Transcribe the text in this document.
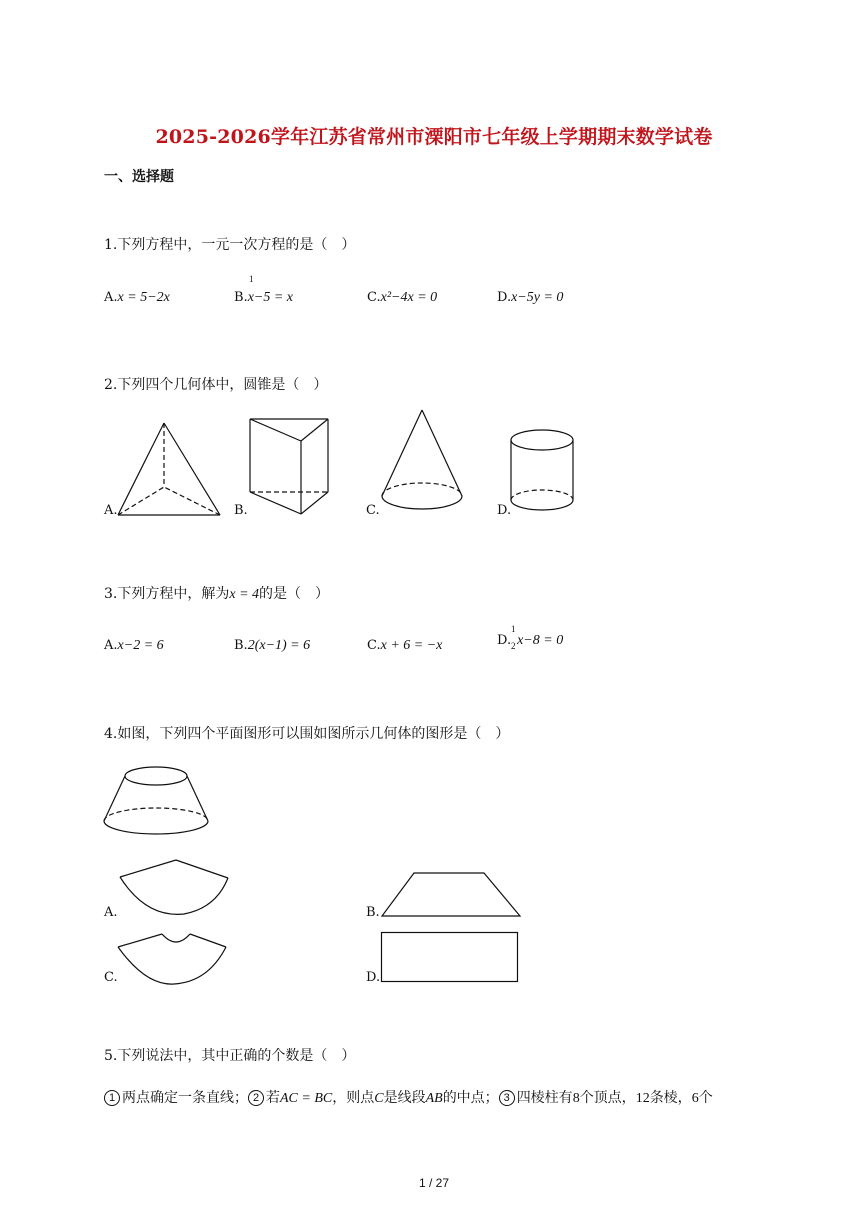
2025-2026学年江苏省常州市溧阳市七年级上学期期末数学试卷
一、选择题
1.下列方程中，一元一次方程的是（　）
A.x = 5−2x	B.x−5 = x
1
C.x²−4x = 0	D.x−5y = 0
2.下列四个几何体中，圆锥是（　）
A.	B.	C.	D.
3.下列方程中，解为x = 4的是（　）
A.x−2 = 6	B.2(x−1) = 6	C.x + 6 = −x	D. x−8 = 0
1
2
4.如图，下列四个平面图形可以围如图所示几何体的图形是（　）
A.	B.
C.	D.
5.下列说法中，其中正确的个数是（　）
1 两点确定一条直线； 2 若AC = BC，则点C是线段AB的中点； 3 四棱柱有8个顶点，12条棱，6个
1 / 27
